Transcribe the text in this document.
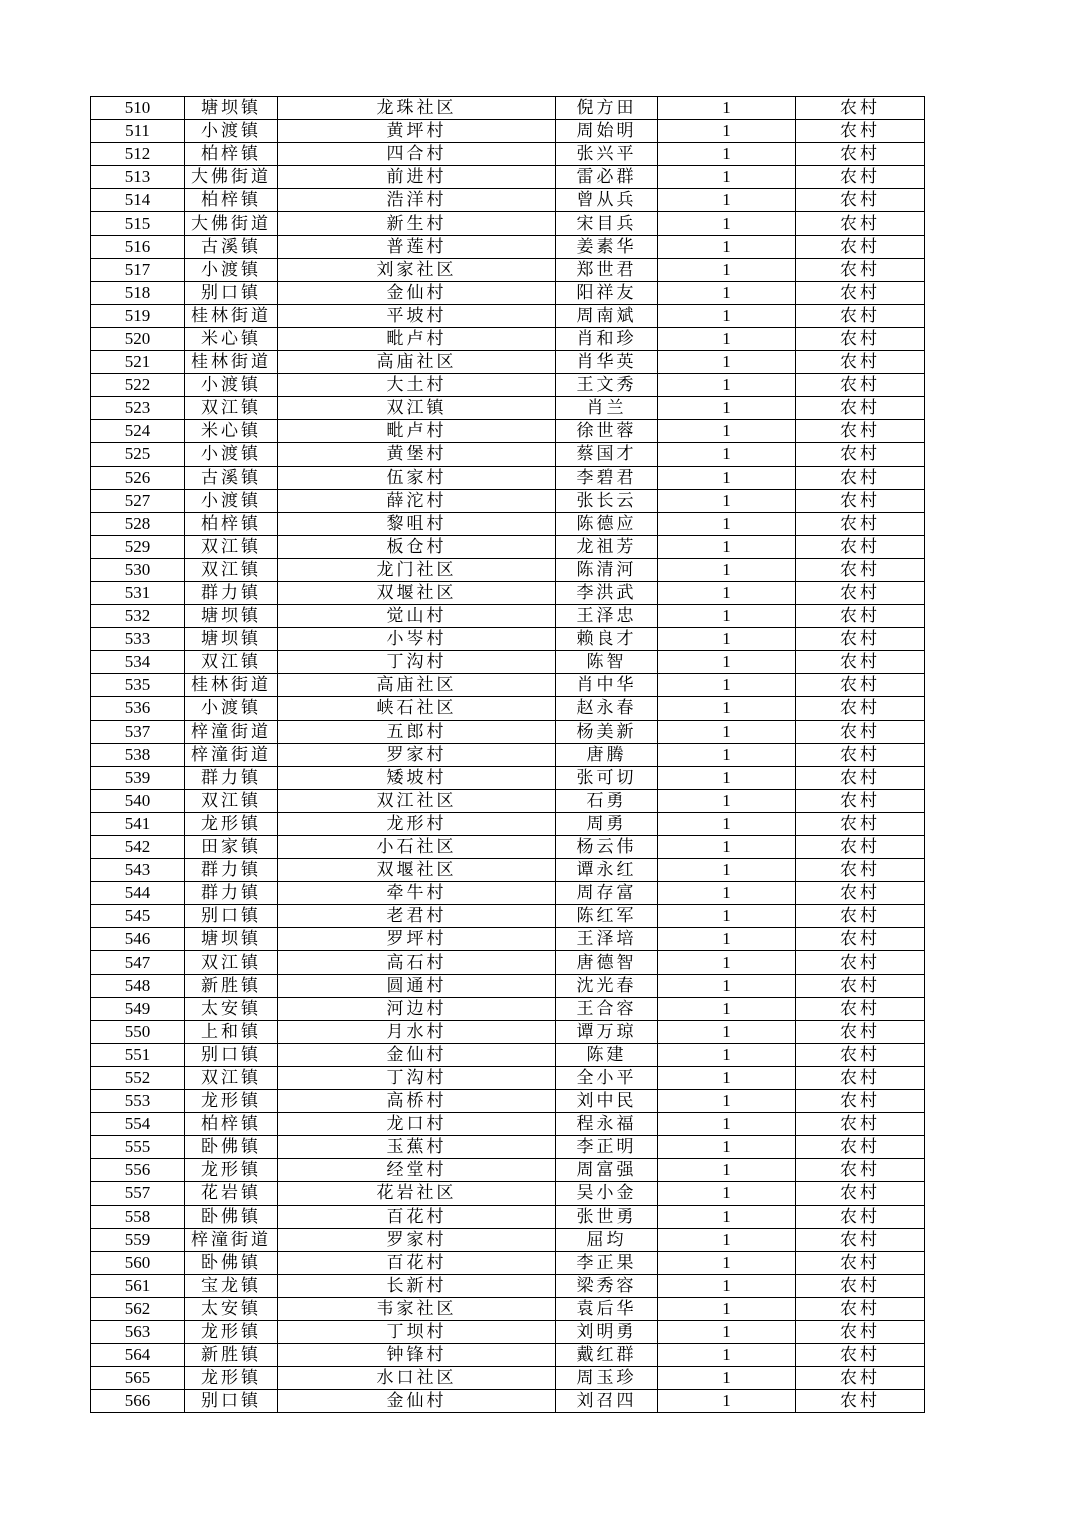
510	塘坝镇	龙珠社区	倪方田	1	农村
511	小渡镇	黄坪村	周始明	1	农村
512	柏梓镇	四合村	张兴平	1	农村
513	大佛街道	前进村	雷必群	1	农村
514	柏梓镇	浩洋村	曾从兵	1	农村
515	大佛街道	新生村	宋目兵	1	农村
516	古溪镇	普莲村	姜素华	1	农村
517	小渡镇	刘家社区	郑世君	1	农村
518	别口镇	金仙村	阳祥友	1	农村
519	桂林街道	平坡村	周南斌	1	农村
520	米心镇	毗卢村	肖和珍	1	农村
521	桂林街道	高庙社区	肖华英	1	农村
522	小渡镇	大土村	王文秀	1	农村
523	双江镇	双江镇	肖兰	1	农村
524	米心镇	毗卢村	徐世蓉	1	农村
525	小渡镇	黄堡村	蔡国才	1	农村
526	古溪镇	伍家村	李碧君	1	农村
527	小渡镇	薛沱村	张长云	1	农村
528	柏梓镇	黎咀村	陈德应	1	农村
529	双江镇	板仓村	龙祖芳	1	农村
530	双江镇	龙门社区	陈清河	1	农村
531	群力镇	双堰社区	李洪武	1	农村
532	塘坝镇	觉山村	王泽忠	1	农村
533	塘坝镇	小岑村	赖良才	1	农村
534	双江镇	丁沟村	陈智	1	农村
535	桂林街道	高庙社区	肖中华	1	农村
536	小渡镇	峡石社区	赵永春	1	农村
537	梓潼街道	五郎村	杨美新	1	农村
538	梓潼街道	罗家村	唐腾	1	农村
539	群力镇	矮坡村	张可切	1	农村
540	双江镇	双江社区	石勇	1	农村
541	龙形镇	龙形村	周勇	1	农村
542	田家镇	小石社区	杨云伟	1	农村
543	群力镇	双堰社区	谭永红	1	农村
544	群力镇	牵牛村	周存富	1	农村
545	别口镇	老君村	陈红军	1	农村
546	塘坝镇	罗坪村	王泽培	1	农村
547	双江镇	高石村	唐德智	1	农村
548	新胜镇	圆通村	沈光春	1	农村
549	太安镇	河边村	王合容	1	农村
550	上和镇	月水村	谭万琼	1	农村
551	别口镇	金仙村	陈建	1	农村
552	双江镇	丁沟村	全小平	1	农村
553	龙形镇	高桥村	刘中民	1	农村
554	柏梓镇	龙口村	程永福	1	农村
555	卧佛镇	玉蕉村	李正明	1	农村
556	龙形镇	经堂村	周富强	1	农村
557	花岩镇	花岩社区	吴小金	1	农村
558	卧佛镇	百花村	张世勇	1	农村
559	梓潼街道	罗家村	屈均	1	农村
560	卧佛镇	百花村	李正果	1	农村
561	宝龙镇	长新村	梁秀容	1	农村
562	太安镇	韦家社区	袁后华	1	农村
563	龙形镇	丁坝村	刘明勇	1	农村
564	新胜镇	钟锋村	戴红群	1	农村
565	龙形镇	水口社区	周玉珍	1	农村
566	别口镇	金仙村	刘召四	1	农村
